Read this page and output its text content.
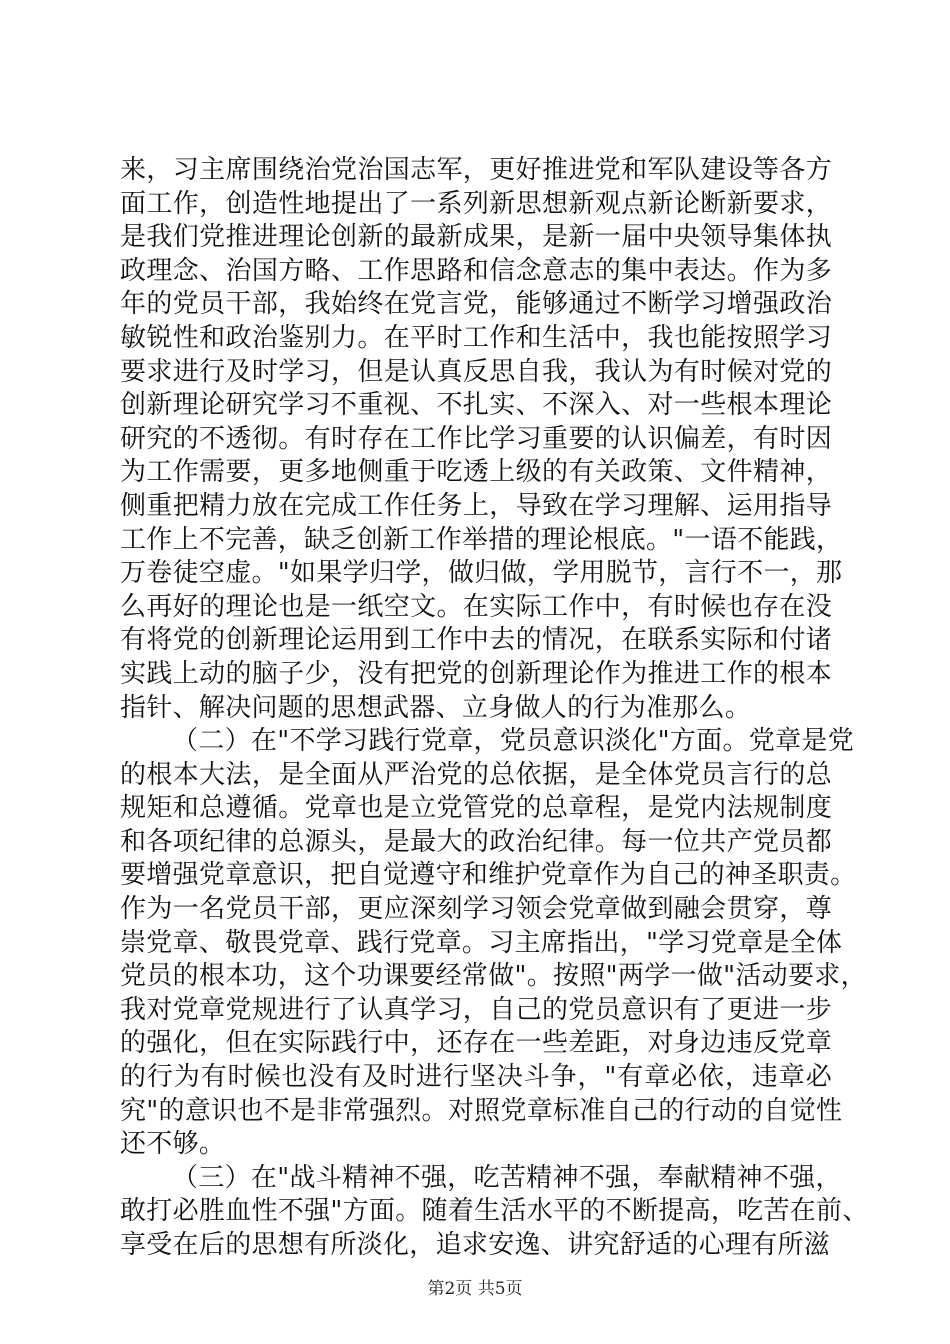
来，习主席围绕治党治国志军，更好推进党和军队建设等各方
面工作，创造性地提出了一系列新思想新观点新论断新要求，
是我们党推进理论创新的最新成果，是新一届中央领导集体执
政理念、治国方略、工作思路和信念意志的集中表达。作为多
年的党员干部，我始终在党言党，能够通过不断学习增强政治
敏锐性和政治鉴别力。在平时工作和生活中，我也能按照学习
要求进行及时学习，但是认真反思自我，我认为有时候对党的
创新理论研究学习不重视、不扎实、不深入、对一些根本理论
研究的不透彻。有时存在工作比学习重要的认识偏差，有时因
为工作需要，更多地侧重于吃透上级的有关政策、文件精神，
侧重把精力放在完成工作任务上，导致在学习理解、运用指导
工作上不完善，缺乏创新工作举措的理论根底。"一语不能践，
万卷徒空虚。"如果学归学，做归做，学用脱节，言行不一，那
么再好的理论也是一纸空文。在实际工作中，有时候也存在没
有将党的创新理论运用到工作中去的情况，在联系实际和付诸
实践上动的脑子少，没有把党的创新理论作为推进工作的根本
指针、解决问题的思想武器、立身做人的行为准那么。
（二）在"不学习践行党章，党员意识淡化"方面。党章是党
的根本大法，是全面从严治党的总依据，是全体党员言行的总
规矩和总遵循。党章也是立党管党的总章程，是党内法规制度
和各项纪律的总源头，是最大的政治纪律。每一位共产党员都
要增强党章意识，把自觉遵守和维护党章作为自己的神圣职责。
作为一名党员干部，更应深刻学习领会党章做到融会贯穿，尊
崇党章、敬畏党章、践行党章。习主席指出，"学习党章是全体
党员的根本功，这个功课要经常做"。按照"两学一做"活动要求，
我对党章党规进行了认真学习，自己的党员意识有了更进一步
的强化，但在实际践行中，还存在一些差距，对身边违反党章
的行为有时候也没有及时进行坚决斗争，"有章必依，违章必
究"的意识也不是非常强烈。对照党章标准自己的行动的自觉性
还不够。
（三）在"战斗精神不强，吃苦精神不强，奉献精神不强，
敢打必胜血性不强"方面。随着生活水平的不断提高，吃苦在前、
享受在后的思想有所淡化，追求安逸、讲究舒适的心理有所滋
第2页 共5页
